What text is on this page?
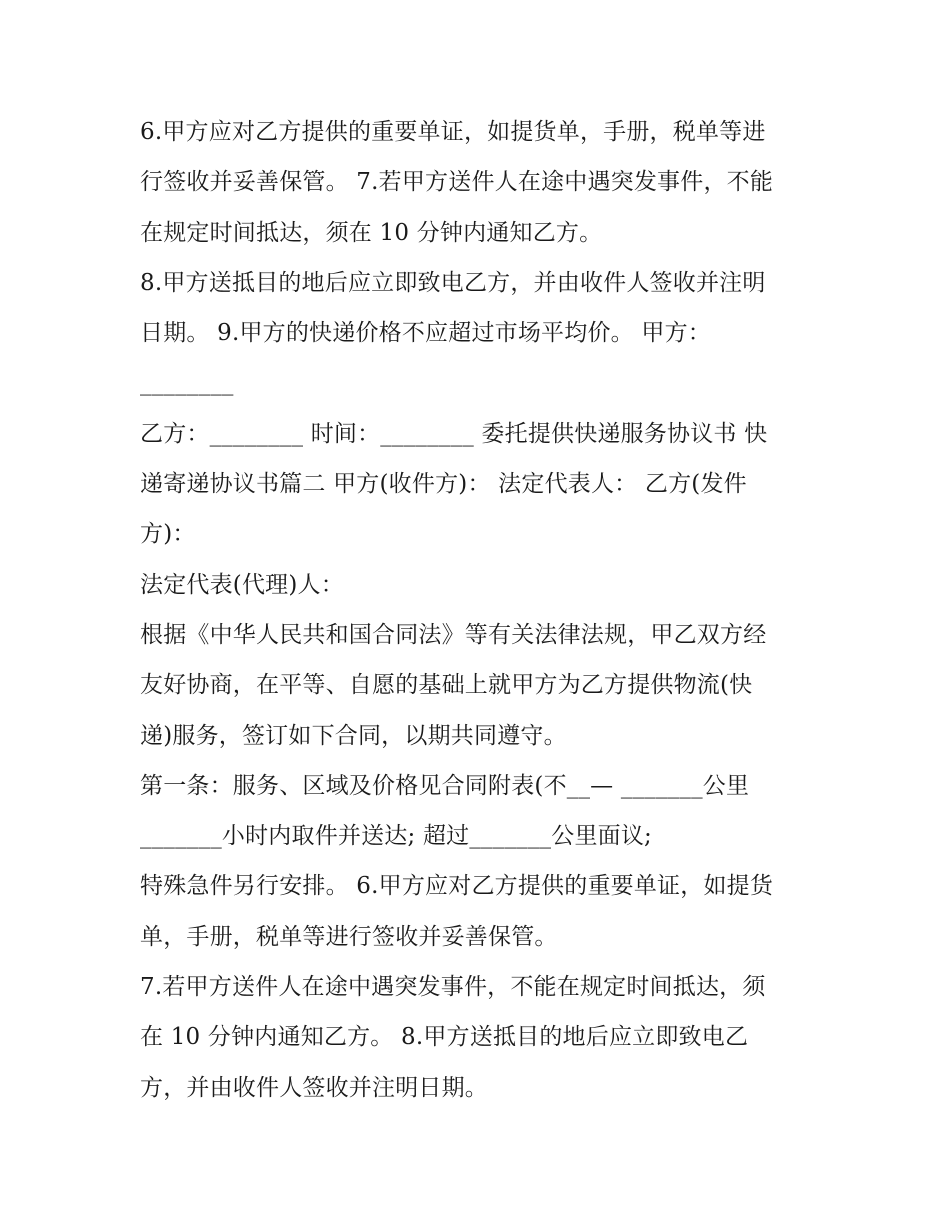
6.甲方应对乙方提供的重要单证，如提货单，手册，税单等进
行签收并妥善保管。 7.若甲方送件人在途中遇突发事件，不能
在规定时间抵达，须在 10 分钟内通知乙方。
8.甲方送抵目的地后应立即致电乙方，并由收件人签收并注明
日期。 9.甲方的快递价格不应超过市场平均价。 甲方：
________
乙方：________ 时间：________ 委托提供快递服务协议书 快
递寄递协议书篇二 甲方(收件方)： 法定代表人： 乙方(发件
方)：
法定代表(代理)人：
根据《中华人民共和国合同法》等有关法律法规，甲乙双方经
友好协商，在平等、自愿的基础上就甲方为乙方提供物流(快
递)服务，签订如下合同，以期共同遵守。
第一条：服务、区域及价格见合同附表(不__— _______公里
_______小时内取件并送达; 超过_______公里面议;
特殊急件另行安排。 6.甲方应对乙方提供的重要单证，如提货
单，手册，税单等进行签收并妥善保管。
7.若甲方送件人在途中遇突发事件，不能在规定时间抵达，须
在 10 分钟内通知乙方。 8.甲方送抵目的地后应立即致电乙
方，并由收件人签收并注明日期。
